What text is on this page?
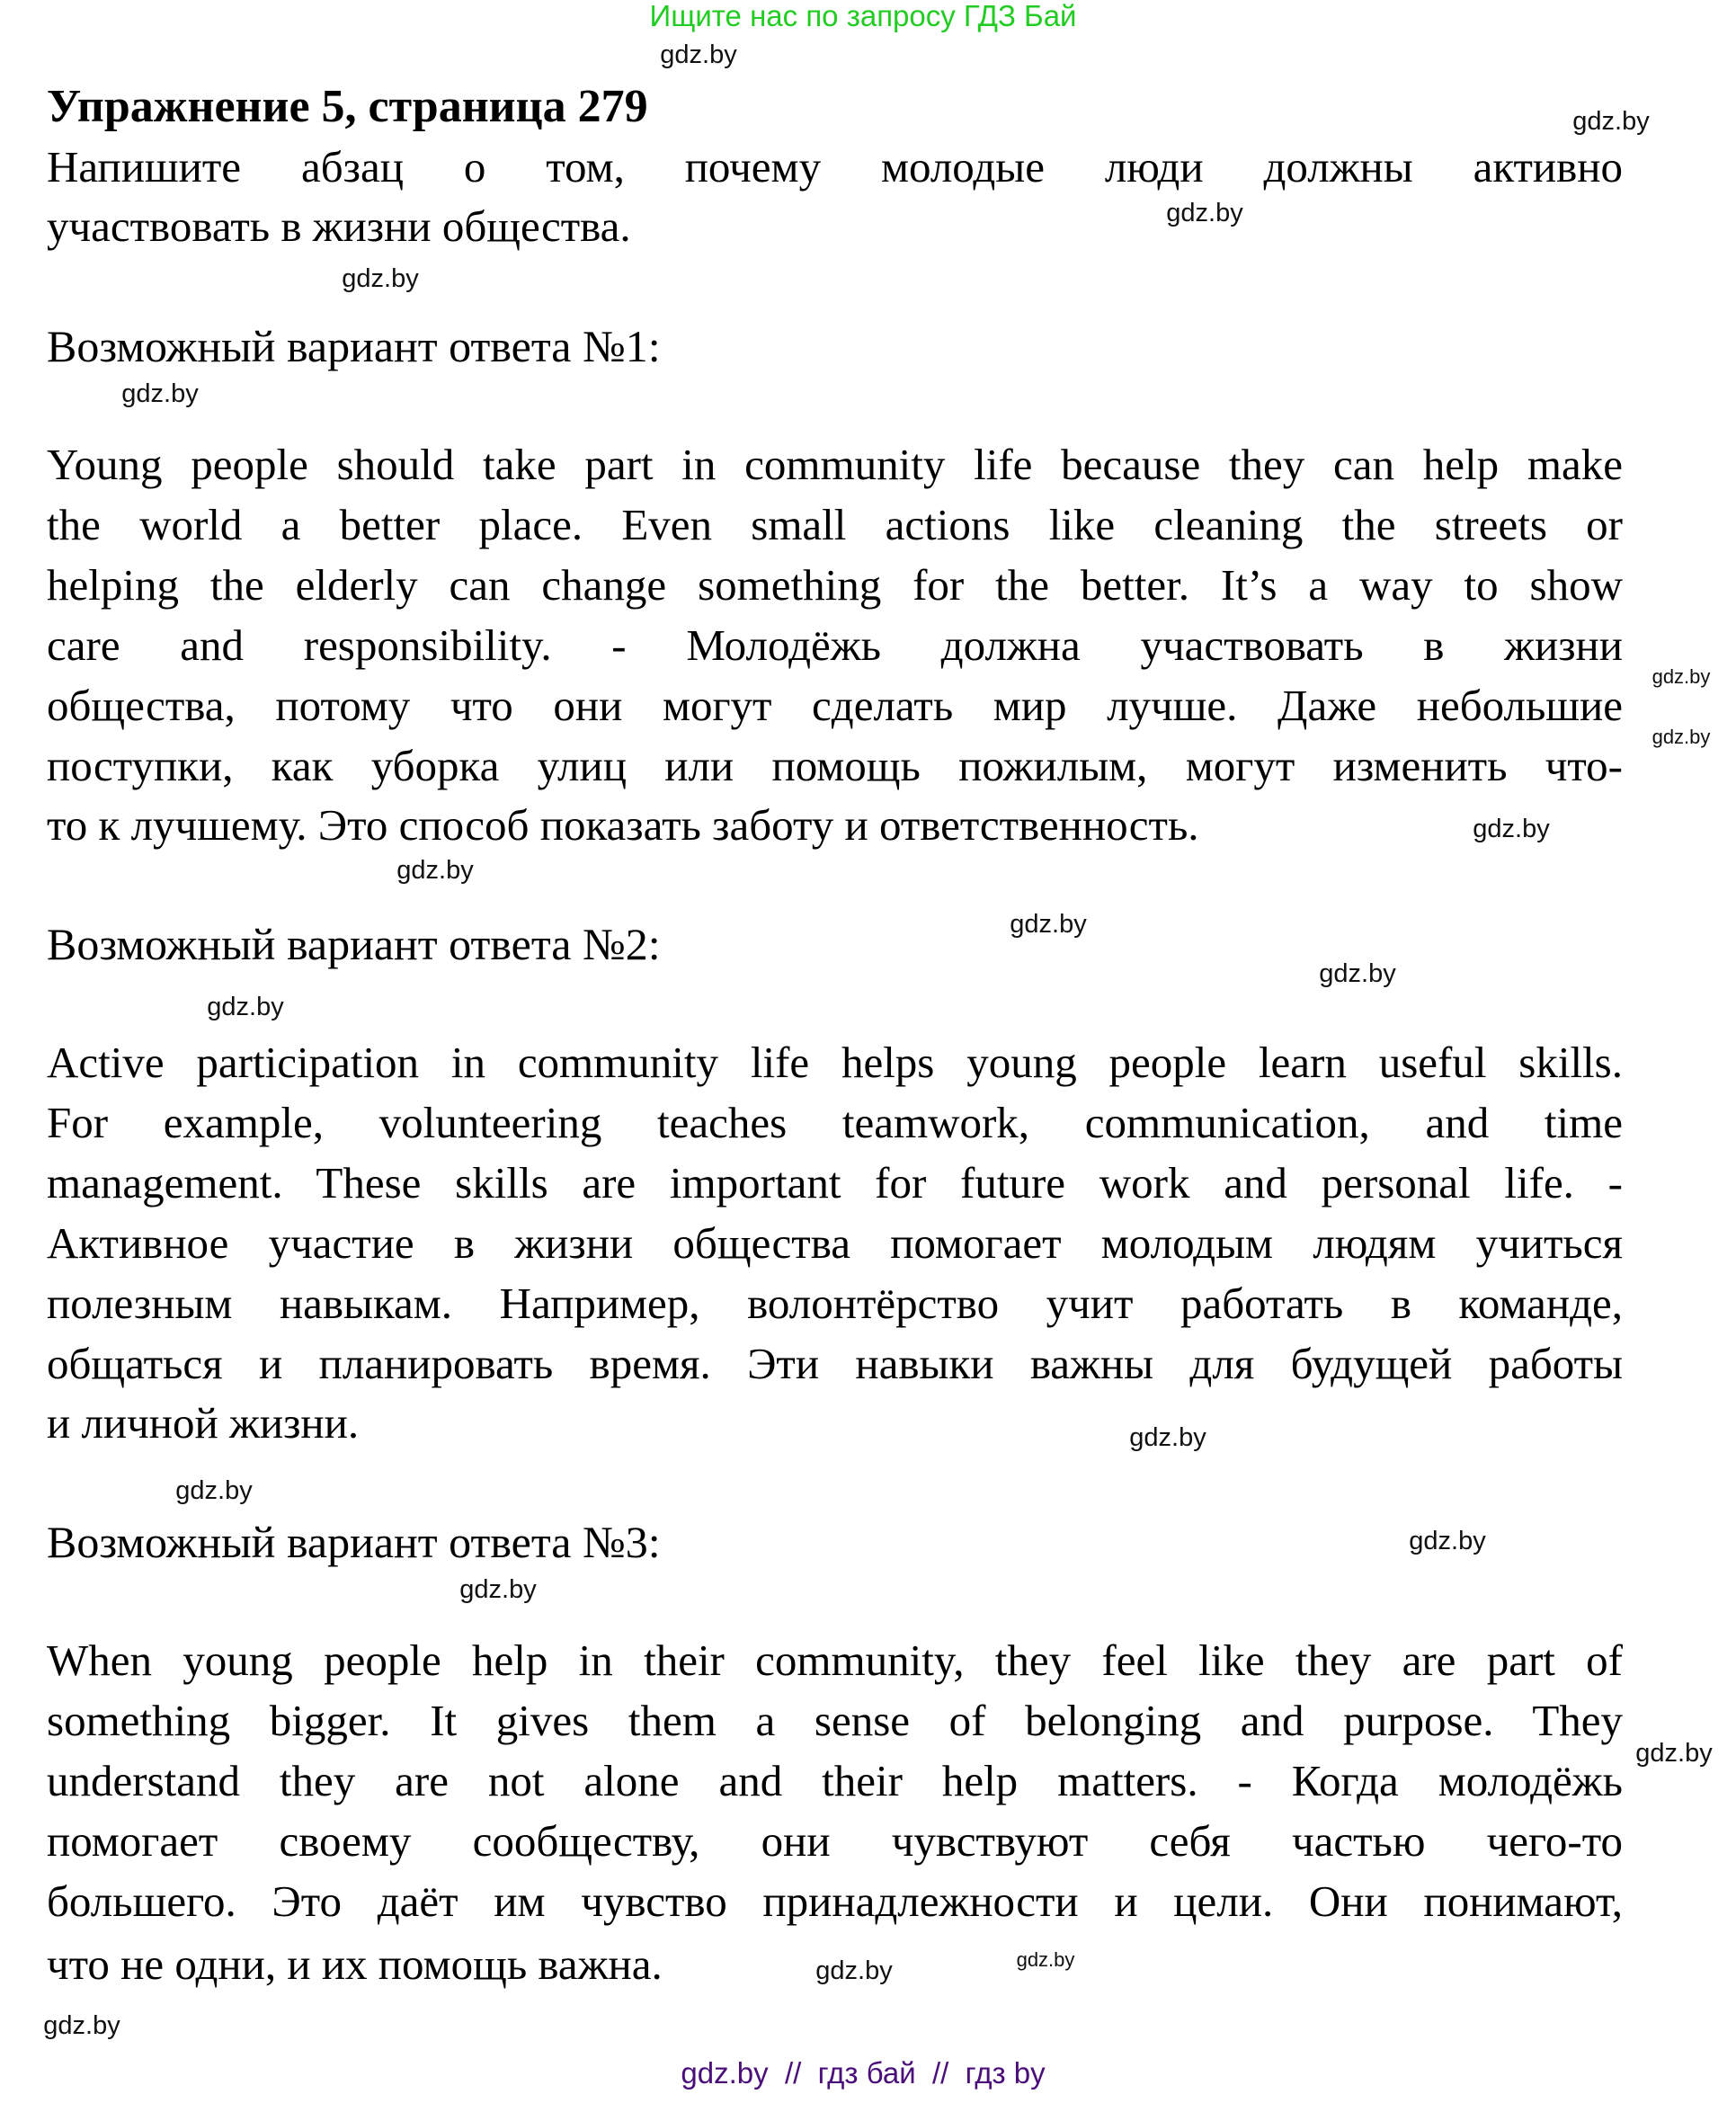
Ищите нас по запросу ГДЗ Бай
gdz.by
Упражнение 5, страница 279	gdz.by
Напишите абзац о том, почему молодые люди должны активно
участвовать в жизни общества.	gdz.by
gdz.by
Возможный вариант ответа №1:
gdz.by
Young people should take part in community life because they can help make
the world a better place. Even small actions like cleaning the streets or
helping the elderly can change something for the better. It’s a way to show
care and responsibility. - Молодёжь должна участвовать в жизни
общества, потому что они могут сделать мир лучше. Даже небольшие
поступки, как уборка улиц или помощь пожилым, могут изменить что-
то к лучшему. Это способ показать заботу и ответственность.
gdz.by
gdz.by
gdz.by
gdz.by
Возможный вариант ответа №2:	gdz.by
gdz.by
gdz.by
Active participation in community life helps young people learn useful skills.
For example, volunteering teaches teamwork, communication, and time
management. These skills are important for future work and personal life. -
Активное участие в жизни общества помогает молодым людям учиться
полезным навыкам. Например, волонтёрство учит работать в команде,
общаться и планировать время. Эти навыки важны для будущей работы
и личной жизни.	gdz.by
gdz.by
Возможный вариант ответа №3:	gdz.by
gdz.by
When young people help in their community, they feel like they are part of
something bigger. It gives them a sense of belonging and purpose. They
understand they are not alone and their help matters. - Когда молодёжь
помогает своему сообществу, они чувствуют себя частью чего-то
большего. Это даёт им чувство принадлежности и цели. Они понимают,
что не одни, и их помощь важна.
gdz.by
gdz.by
gdz.by
gdz.by
gdz.by  //  гдз бай  //  гдз by
